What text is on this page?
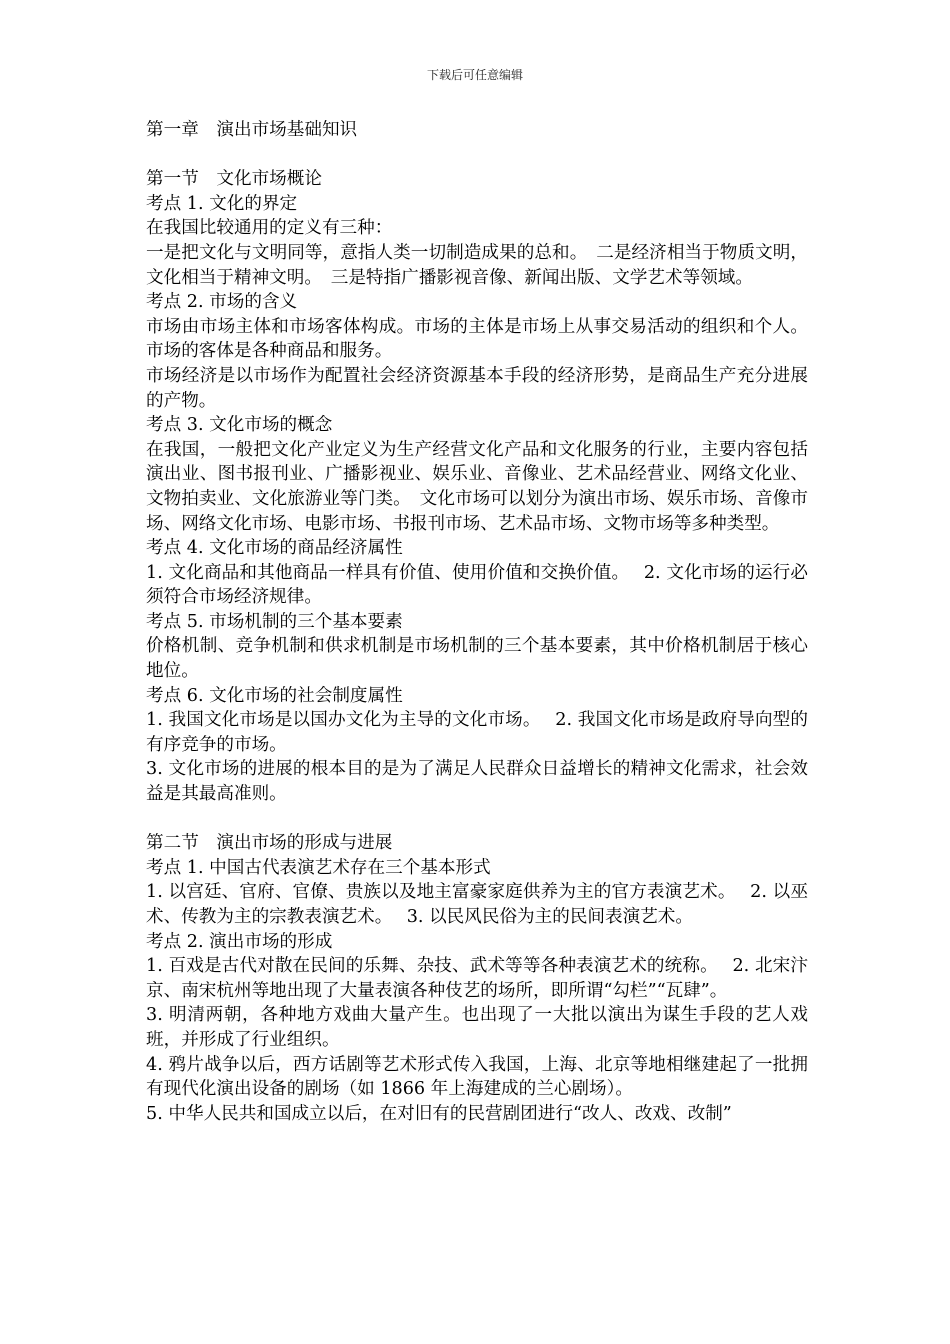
下载后可任意编辑

第一章　演出市场基础知识

第一节　文化市场概论

考点 1. 文化的界定

在我国比较通用的定义有三种：

一是把文化与文明同等，意指人类一切制造成果的总和。　二是经济相当于物质文明，文化相当于精神文明。　三是特指广播影视音像、新闻出版、文学艺术等领域。

考点 2. 市场的含义

市场由市场主体和市场客体构成。市场的主体是市场上从事交易活动的组织和个人。市场的客体是各种商品和服务。

市场经济是以市场作为配置社会经济资源基本手段的经济形势，是商品生产充分进展的产物。

考点 3. 文化市场的概念

在我国，一般把文化产业定义为生产经营文化产品和文化服务的行业，主要内容包括演出业、图书报刊业、广播影视业、娱乐业、音像业、艺术品经营业、网络文化业、文物拍卖业、文化旅游业等门类。　文化市场可以划分为演出市场、娱乐市场、音像市场、网络文化市场、电影市场、书报刊市场、艺术品市场、文物市场等多种类型。

考点 4. 文化市场的商品经济属性

1. 文化商品和其他商品一样具有价值、使用价值和交换价值。　 2. 文化市场的运行必须符合市场经济规律。

考点 5. 市场机制的三个基本要素

价格机制、竞争机制和供求机制是市场机制的三个基本要素，其中价格机制居于核心地位。

考点 6. 文化市场的社会制度属性

1. 我国文化市场是以国办文化为主导的文化市场。　 2. 我国文化市场是政府导向型的有序竞争的市场。

3. 文化市场的进展的根本目的是为了满足人民群众日益增长的精神文化需求，社会效益是其最高准则。

第二节　演出市场的形成与进展

考点 1. 中国古代表演艺术存在三个基本形式

1. 以宫廷、官府、官僚、贵族以及地主富豪家庭供养为主的官方表演艺术。　 2. 以巫术、传教为主的宗教表演艺术。　 3. 以民风民俗为主的民间表演艺术。

考点 2. 演出市场的形成

1. 百戏是古代对散在民间的乐舞、杂技、武术等等各种表演艺术的统称。　 2. 北宋汴京、南宋杭州等地出现了大量表演各种伎艺的场所，即所谓“勾栏”“瓦肆”。

3. 明清两朝，各种地方戏曲大量产生。也出现了一大批以演出为谋生手段的艺人戏班，并形成了行业组织。

4. 鸦片战争以后，西方话剧等艺术形式传入我国，上海、北京等地相继建起了一批拥有现代化演出设备的剧场（如 1866 年上海建成的兰心剧场）。

5. 中华人民共和国成立以后，在对旧有的民营剧团进行“改人、改戏、改制”
